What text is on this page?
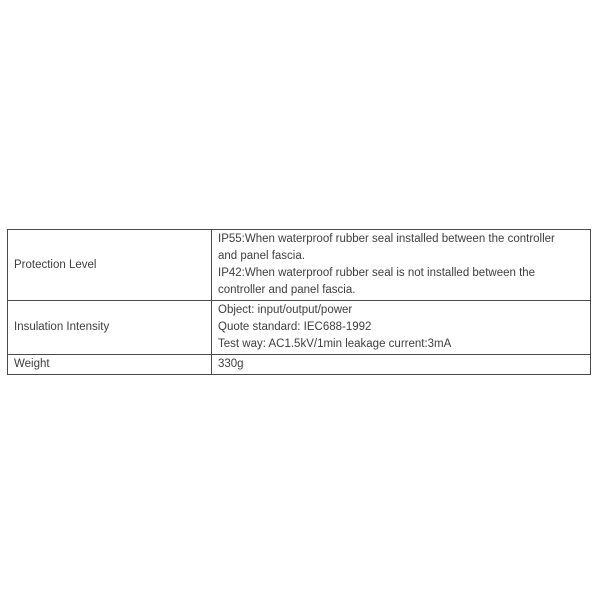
Protection Level	IP55:When waterproof rubber seal installed between the controller
and panel fascia.
IP42:When waterproof rubber seal is not installed between the
controller and panel fascia.

Insulation Intensity	Object: input/output/power
Quote standard: IEC688-1992
Test way: AC1.5kV/1min leakage current:3mA

Weight	330g
